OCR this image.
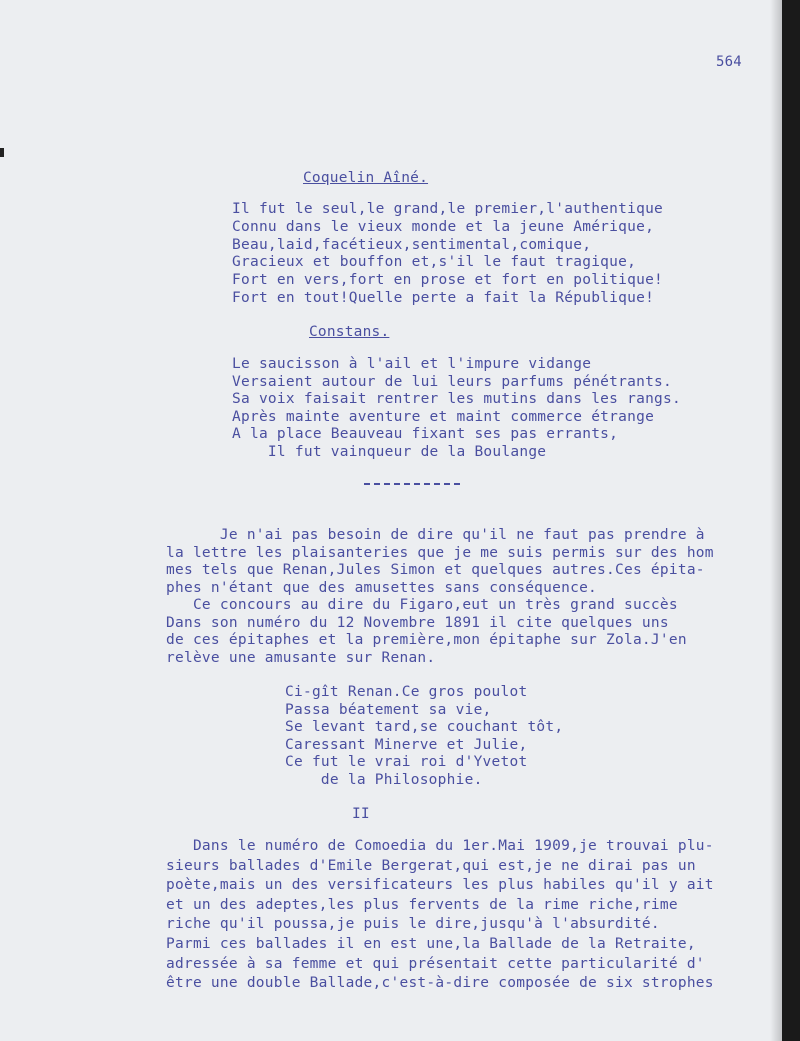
564
Coquelin Aîné.
Il fut le seul,le grand,le premier,l'authentique
Connu dans le vieux monde et la jeune Amérique,
Beau,laid,facétieux,sentimental,comique,
Gracieux et bouffon et,s'il le faut tragique,
Fort en vers,fort en prose et fort en politique!
Fort en tout!Quelle perte a fait la République!
Constans.
Le saucisson à l'ail et l'impure vidange
Versaient autour de lui leurs parfums pénétrants.
Sa voix faisait rentrer les mutins dans les rangs.
Après mainte aventure et maint commerce étrange
A la place Beauveau fixant ses pas errants,
Il fut vainqueur de la Boulange
Je n'ai pas besoin de dire qu'il ne faut pas prendre à
la lettre les plaisanteries que je me suis permis sur des hom
mes tels que Renan,Jules Simon et quelques autres.Ces épita-
phes n'étant que des amusettes sans conséquence.
Ce concours au dire du Figaro,eut un très grand succès
Dans son numéro du 12 Novembre 1891 il cite quelques uns
de ces épitaphes et la première,mon épitaphe sur Zola.J'en
relève une amusante sur Renan.
Ci-gît Renan.Ce gros poulot
Passa béatement sa vie,
Se levant tard,se couchant tôt,
Caressant Minerve et Julie,
Ce fut le vrai roi d'Yvetot
de la Philosophie.
II
Dans le numéro de Comoedia du 1er.Mai 1909,je trouvai plu-
sieurs ballades d'Emile Bergerat,qui est,je ne dirai pas un
poète,mais un des versificateurs les plus habiles qu'il y ait
et un des adeptes,les plus fervents de la rime riche,rime
riche qu'il poussa,je puis le dire,jusqu'à l'absurdité.
Parmi ces ballades il en est une,la Ballade de la Retraite,
adressée à sa femme et qui présentait cette particularité d'
être une double Ballade,c'est-à-dire composée de six strophes
